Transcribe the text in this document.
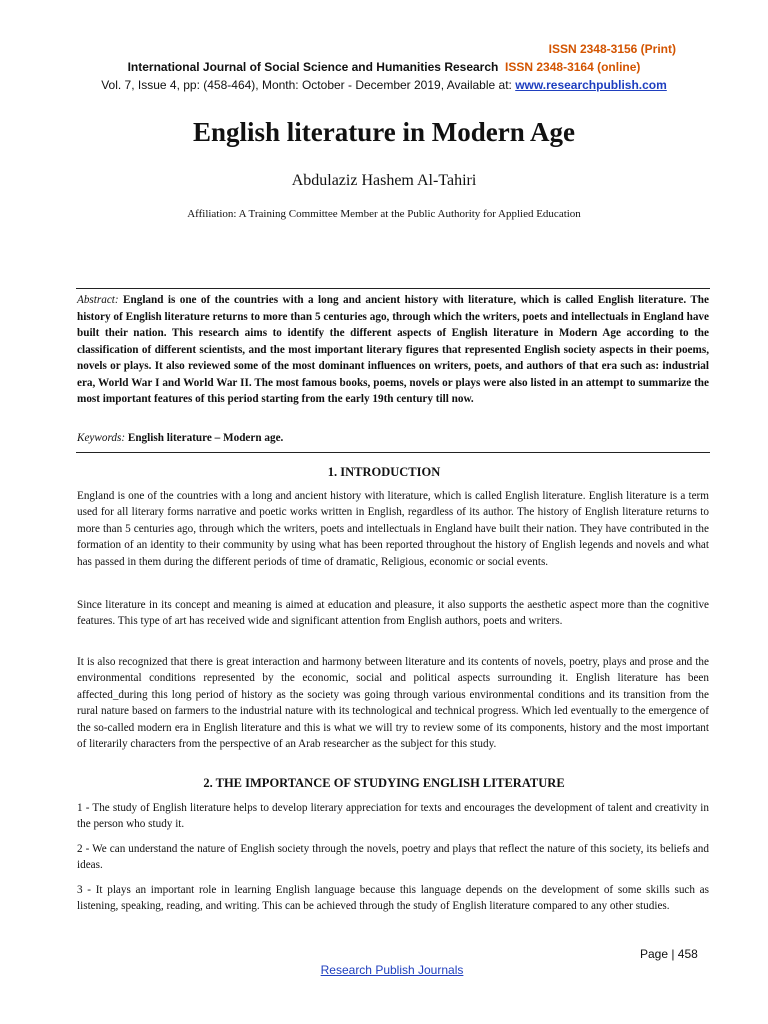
ISSN 2348-3156 (Print)
International Journal of Social Science and Humanities Research ISSN 2348-3164 (online)
Vol. 7, Issue 4, pp: (458-464), Month: October - December 2019, Available at: www.researchpublish.com
English literature in Modern Age
Abdulaziz Hashem Al-Tahiri
Affiliation: A Training Committee Member at the Public Authority for Applied Education

Abstract: England is one of the countries with a long and ancient history with literature, which is called English literature. The history of English literature returns to more than 5 centuries ago, through which the writers, poets and intellectuals in England have built their nation. This research aims to identify the different aspects of English literature in Modern Age according to the classification of different scientists, and the most important literary figures that represented English society aspects in their poems, novels or plays. It also reviewed some of the most dominant influences on writers, poets, and authors of that era such as: industrial era, World War I and World War II. The most famous books, poems, novels or plays were also listed in an attempt to summarize the most important features of this period starting from the early 19th century till now.

Keywords: English literature – Modern age.

1. INTRODUCTION

England is one of the countries with a long and ancient history with literature, which is called English literature. English literature is a term used for all literary forms narrative and poetic works written in English, regardless of its author. The history of English literature returns to more than 5 centuries ago, through which the writers, poets and intellectuals in England have built their nation. They have contributed in the formation of an identity to their community by using what has been reported throughout the history of English legends and novels and what has passed in them during the different periods of time of dramatic, Religious, economic or social events.

Since literature in its concept and meaning is aimed at education and pleasure, it also supports the aesthetic aspect more than the cognitive features. This type of art has received wide and significant attention from English authors, poets and writers.

It is also recognized that there is great interaction and harmony between literature and its contents of novels, poetry, plays and prose and the environmental conditions represented by the economic, social and political aspects surrounding it. English literature has been affected_during this long period of history as the society was going through various environmental conditions and its transition from the rural nature based on farmers to the industrial nature with its technological and technical progress. Which led eventually to the emergence of the so-called modern era in English literature and this is what we will try to review some of its components, history and the most important of literarily characters from the perspective of an Arab researcher as the subject for this study.

2. THE IMPORTANCE OF STUDYING ENGLISH LITERATURE

1 - The study of English literature helps to develop literary appreciation for texts and encourages the development of talent and creativity in the person who study it.

2 - We can understand the nature of English society through the novels, poetry and plays that reflect the nature of this society, its beliefs and ideas.

3 - It plays an important role in learning English language because this language depends on the development of some skills such as listening, speaking, reading, and writing. This can be achieved through the study of English literature compared to any other studies.

Page | 458
Research Publish Journals
